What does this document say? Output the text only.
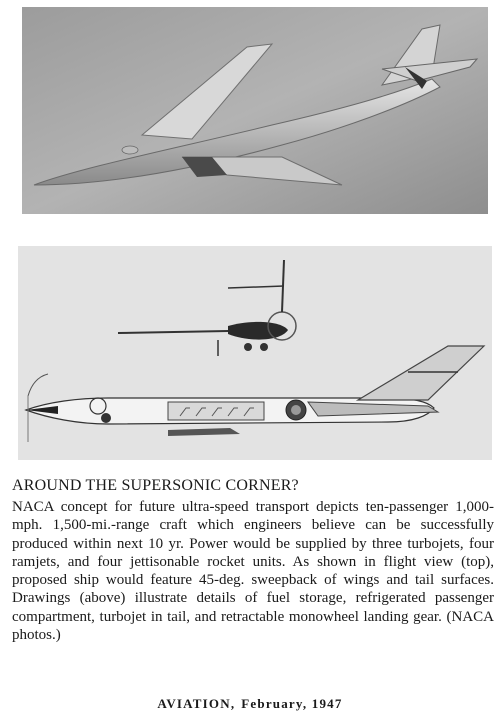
AROUND THE SUPERSONIC CORNER?

NACA concept for future ultra-speed transport depicts ten-passenger 1,000-mph. 1,500-mi.-range craft which engineers believe can be successfully produced within next 10 yr. Power would be supplied by three turbojets, four ramjets, and four jettisonable rocket units. As shown in flight view (top), proposed ship would feature 45-deg. sweepback of wings and tail surfaces. Drawings (above) illustrate details of fuel storage, refrigerated passenger compartment, turbojet in tail, and retractable monowheel landing gear. (NACA photos.)

AVIATION, February, 1947
